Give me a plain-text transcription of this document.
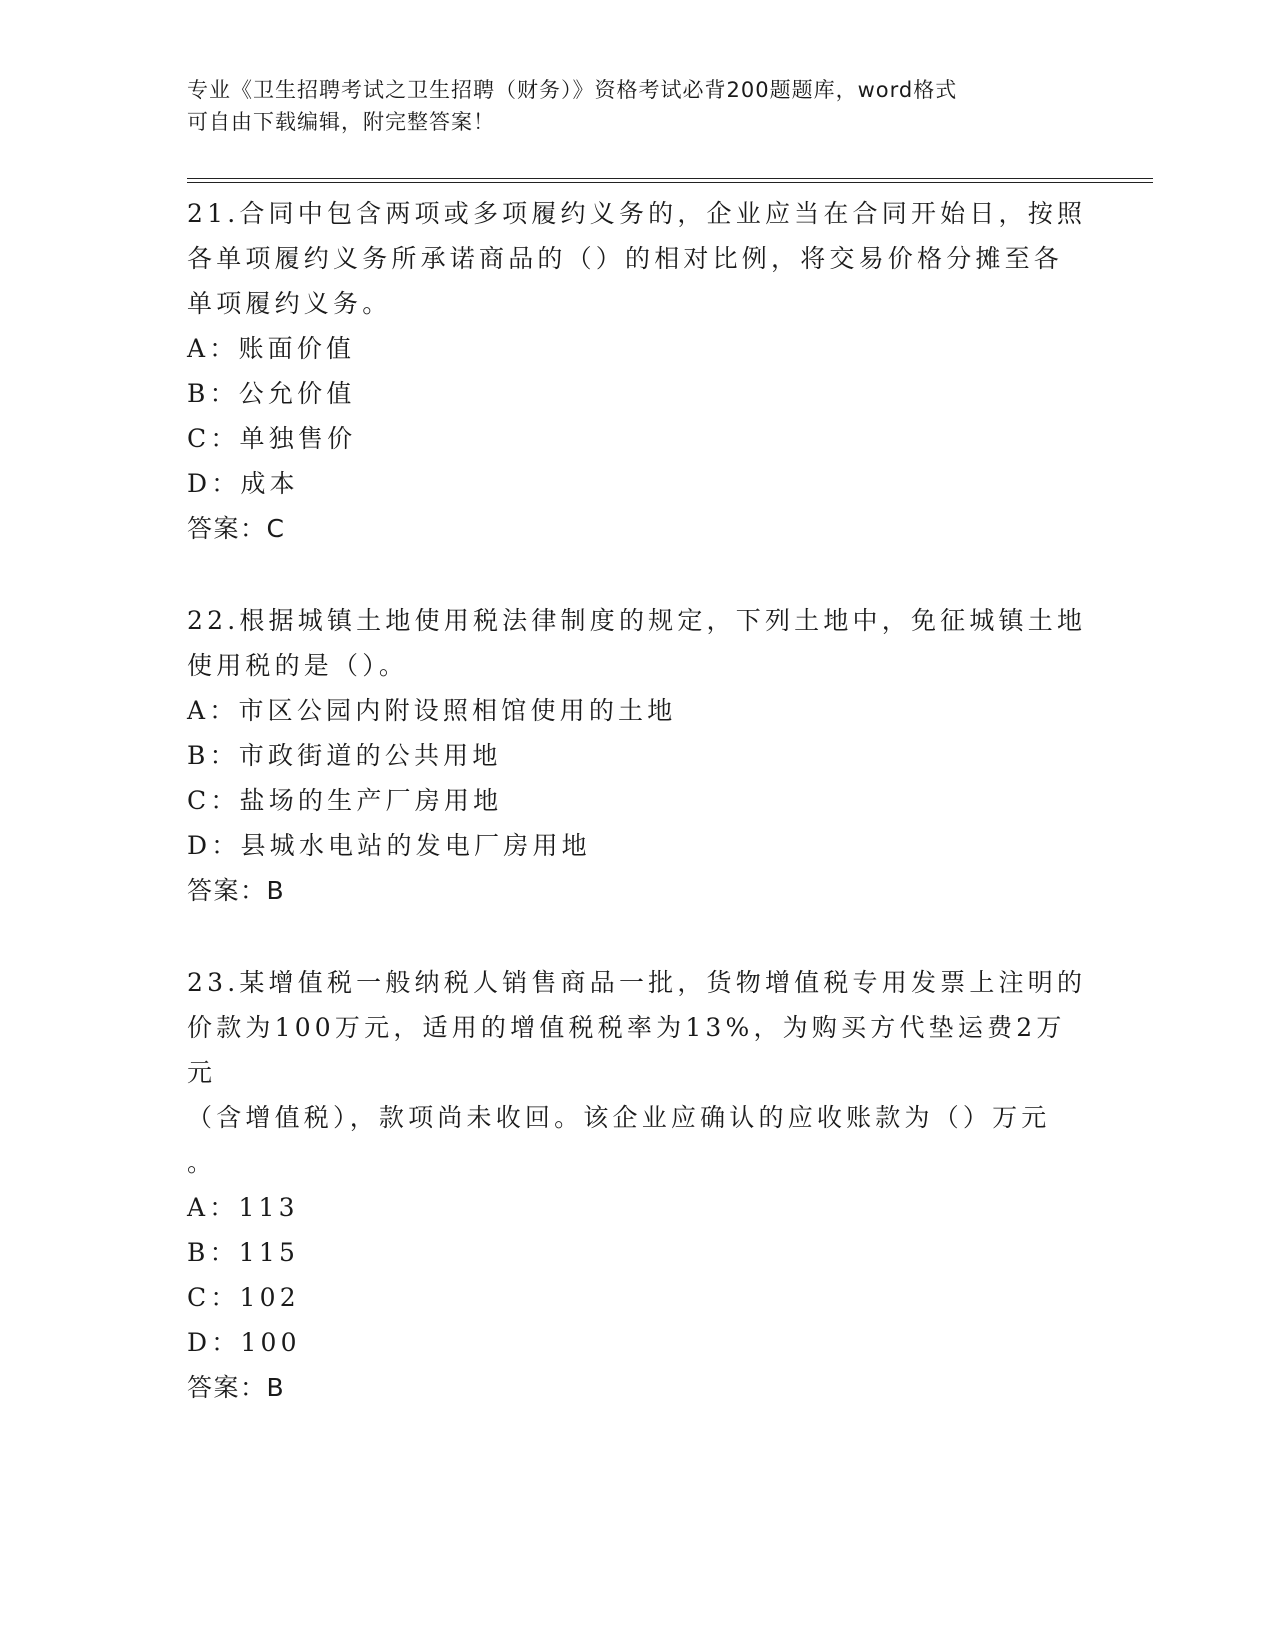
专业《卫生招聘考试之卫生招聘（财务）》资格考试必背200题题库，word格式
可自由下载编辑，附完整答案！

21.合同中包含两项或多项履约义务的，企业应当在合同开始日，按照

各单项履约义务所承诺商品的（）的相对比例，将交易价格分摊至各

单项履约义务。

A：账面价值

B：公允价值

C：单独售价

D：成本

答案：C

22.根据城镇土地使用税法律制度的规定，下列土地中，免征城镇土地

使用税的是（）。

A：市区公园内附设照相馆使用的土地

B：市政街道的公共用地

C：盐场的生产厂房用地

D：县城水电站的发电厂房用地

答案：B

23.某增值税一般纳税人销售商品一批，货物增值税专用发票上注明的

价款为100万元，适用的增值税税率为13%，为购买方代垫运费2万元

（含增值税），款项尚未收回。该企业应确认的应收账款为（）万元

。

A：113

B：115

C：102

D：100

答案：B
